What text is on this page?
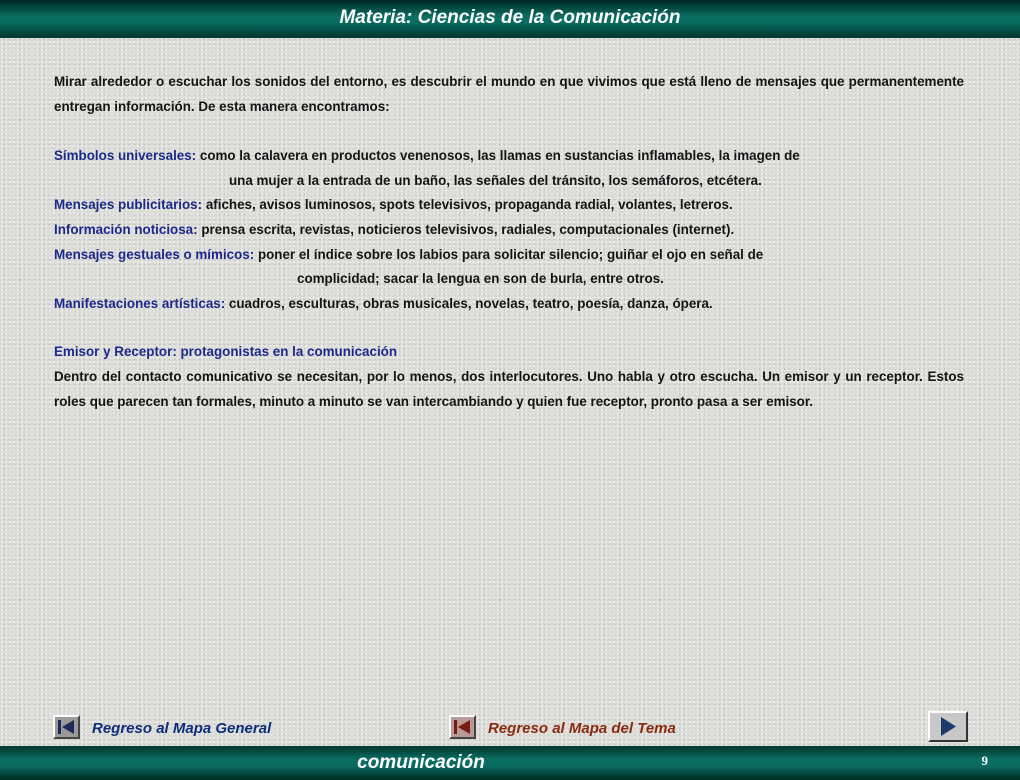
Materia: Ciencias de la Comunicación

Mirar alrededor o escuchar los sonidos del entorno, es descubrir el mundo en que vivimos que está lleno de mensajes que permanentemente entregan información. De esta manera encontramos:

Símbolos universales: como la calavera en productos venenosos, las llamas en sustancias inflamables, la imagen de
una mujer a la entrada de un baño, las señales del tránsito, los semáforos, etcétera.
Mensajes publicitarios: afiches, avisos luminosos, spots televisivos, propaganda radial, volantes, letreros.
Información noticiosa: prensa escrita, revistas, noticieros televisivos, radiales, computacionales (internet).
Mensajes gestuales o mímicos: poner el índice sobre los labios para solicitar silencio; guiñar el ojo en señal de
complicidad; sacar la lengua en son de burla, entre otros.
Manifestaciones artísticas: cuadros, esculturas, obras musicales, novelas, teatro, poesía, danza, ópera.
Emisor y Receptor: protagonistas en la comunicación

Dentro del contacto comunicativo se necesitan, por lo menos, dos interlocutores. Uno habla y otro escucha. Un emisor y un receptor. Estos roles que parecen tan formales, minuto a minuto se van intercambiando y quien fue receptor, pronto pasa a ser emisor.

Regreso al Mapa General	Regreso al Mapa del Tema
comunicación	9
